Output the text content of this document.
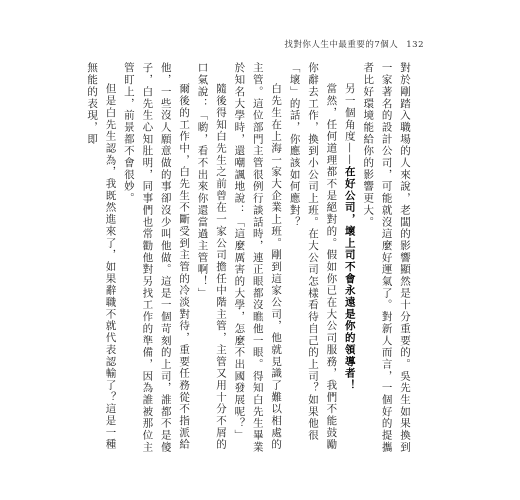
找對你人生中最重要的7個人 132

對於剛踏入職場的人來說，老闆的影響顯然是十分重要的。吳先生如果換到一家著名的設計公司，可能就沒這麼好運氣了。對新人而言，一個好的提攜者比好環境能給你的影響更大。

另一個角度——在好公司，壞上司不會永遠是你的領導者！

當然，任何道理都不是絕對的。假如你已在大公司服務，我們不能鼓勵你辭去工作，換到小公司上班。在大公司怎樣看待自己的上司？如果他很「壞」的話，你應該如何應對？

白先生在上海一家大企業上班。剛到這家公司，他就見識了難以相處的主管。這位部門主管很例行談話時，連正眼都沒瞧他一眼。得知白先生畢業於知名大學時，還嘲諷地說：「這麼厲害的大學，怎麼不出國發展呢？」

隨後得知白先生之前曾在一家公司擔任中階主管，主管又用十分不屑的口氣說：「喲，看不出來你還當過主管啊！」

爾後的工作中，白先生不斷受到主管的冷淡對待，重要任務從不指派給他，一些沒人願意做的事卻沒少叫他做。這是一個苛刻的上司，誰都不是傻子，白先生心知肚明，同事們也常勸他對另找工作的準備，因為誰被那位主管盯上，前景都不會很妙。

但是白先生認為，我既然進來了，如果辭職不就代表認輸了？這是一種無能的表現，即
